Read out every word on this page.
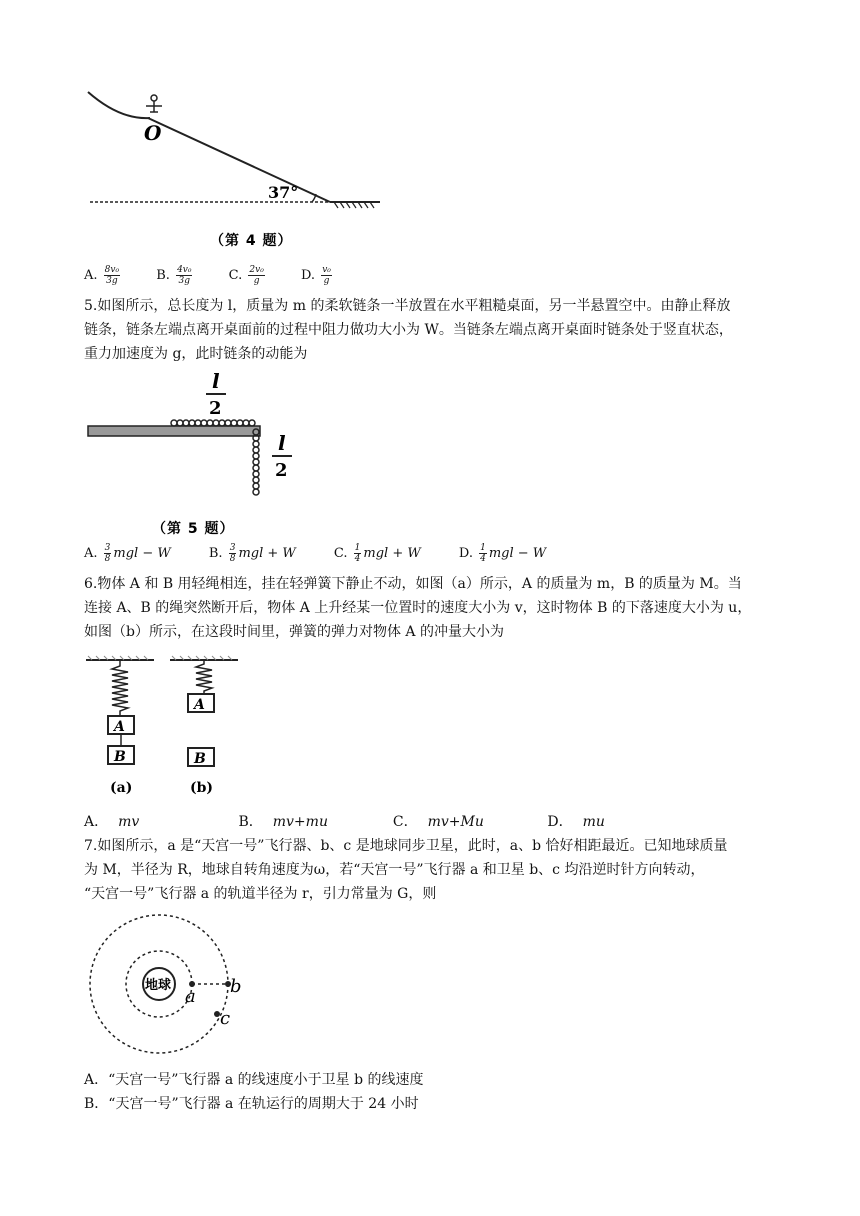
O
37°
（第 4 题）
A. $\frac{\text{8v₀}}{3g}$	B. $\frac{\text{4v₀}}{3g}$	C. $\frac{\text{2v₀}}{g}$	D. $\frac{\text{v₀}}{g}$
5.如图所示，总长度为 l，质量为 m 的柔软链条一半放置在水平粗糙桌面，另一半悬置空中。由静止释放
链条，链条左端点离开桌面前的过程中阻力做功大小为 W。当链条左端点离开桌面时链条处于竖直状态，
重力加速度为 g，此时链条的动能为
l
2
l
2
（第 5 题）
A. $\frac{3}{8}$ mgl − W	B. $\frac{3}{8}$ mgl + W	C. $\frac{1}{4}$ mgl + W	D. $\frac{1}{4}$ mgl − W
6.物体 A 和 B 用轻绳相连，挂在轻弹簧下静止不动，如图（a）所示，A 的质量为 m，B 的质量为 M。当
连接 A、B 的绳突然断开后，物体 A 上升经某一位置时的速度大小为 v，这时物体 B 的下落速度大小为 u，
如图（b）所示，在这段时间里，弹簧的弹力对物体 A 的冲量大小为
A
B
A
B
(a)	(b)
A． mv	B． mv+mu	C． mv+Mu	D． mu
7.如图所示，a 是“天宫一号”飞行器、b、c 是地球同步卫星，此时，a、b 恰好相距最近。已知地球质量
为 M，半径为 R，地球自转角速度为ω，若“天宫一号”飞行器 a 和卫星 b、c 均沿逆时针方向转动，
“天宫一号”飞行器 a 的轨道半径为 r，引力常量为 G，则
地球
a b
c
A．“天宫一号”飞行器 a 的线速度小于卫星 b 的线速度
B．“天宫一号”飞行器 a 在轨运行的周期大于 24 小时
